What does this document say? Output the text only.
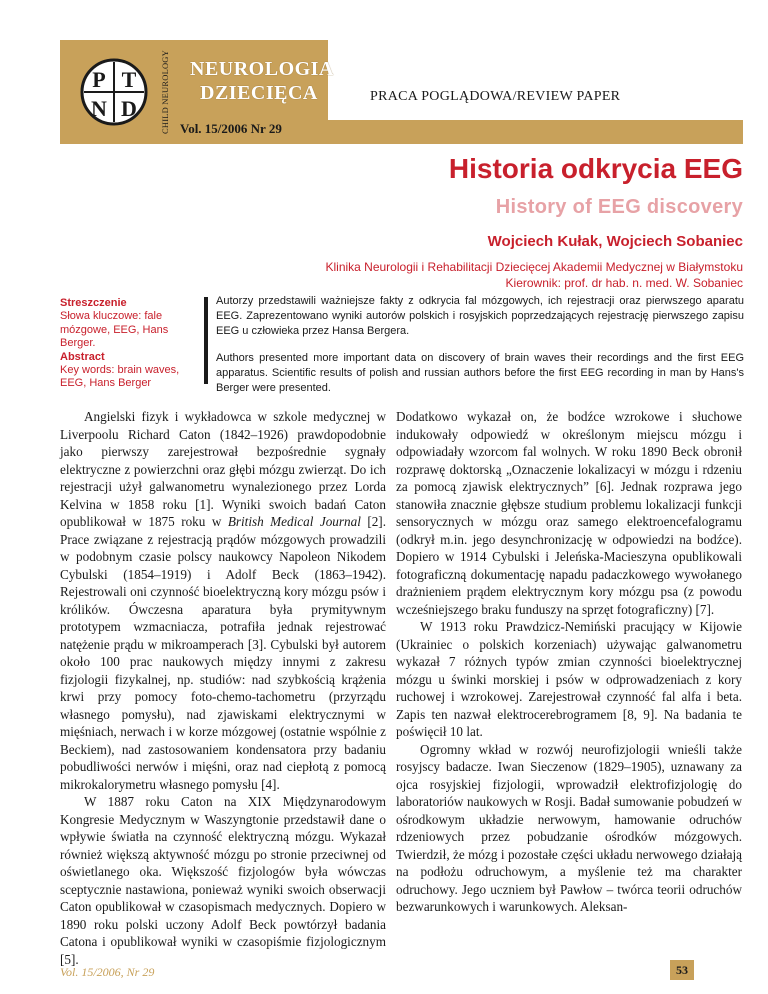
P T
N D	CHILD NEUROLOGY NEUROLOGIA
DZIECIĘCA	PRACA POGLĄDOWA/REVIEW PAPER
Vol. 15/2006 Nr 29
Historia odkrycia EEG
History of EEG discovery
Wojciech Kułak, Wojciech Sobaniec
Klinika Neurologii i Rehabilitacji Dziecięcej Akademii Medycznej w Białymstoku
Kierownik: prof. dr hab. n. med. W. Sobaniec
Streszczenie
Słowa kluczowe: fale mózgowe, EEG, Hans Berger.
Abstract
Key words: brain waves, EEG, Hans Berger

Autorzy przedstawili ważniejsze fakty z odkrycia fal mózgowych, ich rejestracji oraz pierwszego aparatu EEG. Zaprezentowano wyniki autorów polskich i rosyjskich poprzedzających rejestrację pierwszego zapisu EEG u człowieka przez Hansa Bergera.

Authors presented more important data on discovery of brain waves their recordings and the first EEG apparatus. Scientific results of polish and russian authors before the first EEG recording in man by Hans's Berger were presented.

Angielski fizyk i wykładowca w szkole medycznej w Liverpoolu Richard Caton (1842–1926) prawdopodobnie jako pierwszy zarejestrował bezpośrednie sygnały elektryczne z powierzchni oraz głębi mózgu zwierząt. Do ich rejestracji użył galwanometru wynalezionego przez Lorda Kelvina w 1858 roku [1]. Wyniki swoich badań Caton opublikował w 1875 roku w British Medical Journal [2]. Prace związane z rejestracją prądów mózgowych prowadzili w podobnym czasie polscy naukowcy Napoleon Nikodem Cybulski (1854–1919) i Adolf Beck (1863–1942). Rejestrowali oni czynność bioelektryczną kory mózgu psów i królików. Ówczesna aparatura była prymitywnym prototypem wzmacniacza, potrafiła jednak rejestrować natężenie prądu w mikroamperach [3]. Cybulski był autorem około 100 prac naukowych między innymi z zakresu fizjologii fizykalnej, np. studiów: nad szybkością krążenia krwi przy pomocy foto-chemo-tachometru (przyrządu własnego pomysłu), nad zjawiskami elektrycznymi w mięśniach, nerwach i w korze mózgowej (ostatnie wspólnie z Beckiem), nad zastosowaniem kondensatora przy badaniu pobudliwości nerwów i mięśni, oraz nad ciepłotą z pomocą mikrokalorymetru własnego pomysłu [4].

W 1887 roku Caton na XIX Międzynarodowym Kongresie Medycznym w Waszyngtonie przedstawił dane o wpływie światła na czynność elektryczną mózgu. Wykazał również większą aktywność mózgu po stronie przeciwnej od oświetlanego oka. Większość fizjologów była wówczas sceptycznie nastawiona, ponieważ wyniki swoich obserwacji Caton opublikował w czasopismach medycznych. Dopiero w 1890 roku polski uczony Adolf Beck powtórzył badania Catona i opublikował wyniki w czasopiśmie fizjologicznym [5].

Dodatkowo wykazał on, że bodźce wzrokowe i słuchowe indukowały odpowiedź w określonym miejscu mózgu i odpowiadały wzorcom fal wolnych. W roku 1890 Beck obronił rozprawę doktorską „Oznaczenie lokalizacyi w mózgu i rdzeniu za pomocą zjawisk elektrycznych” [6]. Jednak rozprawa jego stanowiła znacznie głębsze studium problemu lokalizacji funkcji sensorycznych w mózgu oraz samego elektroencefalogramu (odkrył m.in. jego desynchronizację w odpowiedzi na bodźce). Dopiero w 1914 Cybulski i Jeleńska-Macieszyna opublikowali fotograficzną dokumentację napadu padaczkowego wywołanego drażnieniem prądem elektrycznym kory mózgu psa (z powodu wcześniejszego braku funduszy na sprzęt fotograficzny) [7].

W 1913 roku Prawdzicz-Nemiński pracujący w Kijowie (Ukrainiec o polskich korzeniach) używając galwanometru wykazał 7 różnych typów zmian czynności bioelektrycznej mózgu u świnki morskiej i psów w odprowadzeniach z kory ruchowej i wzrokowej. Zarejestrował czynność fal alfa i beta. Zapis ten nazwał elektrocerebrogramem [8, 9]. Na badania te poświęcił 10 lat.

Ogromny wkład w rozwój neurofizjologii wnieśli także rosyjscy badacze. Iwan Sieczenow (1829–1905), uznawany za ojca rosyjskiej fizjologii, wprowadził elektrofizjologię do laboratoriów naukowych w Rosji. Badał sumowanie pobudzeń w ośrodkowym układzie nerwowym, hamowanie odruchów rdzeniowych przez pobudzanie ośrodków mózgowych. Twierdził, że mózg i pozostałe części układu nerwowego działają na podłożu odruchowym, a myślenie też ma charakter odruchowy. Jego uczniem był Pawłow – twórca teorii odruchów bezwarunkowych i warunkowych. Aleksan-

Vol. 15/2006, Nr 29	53
